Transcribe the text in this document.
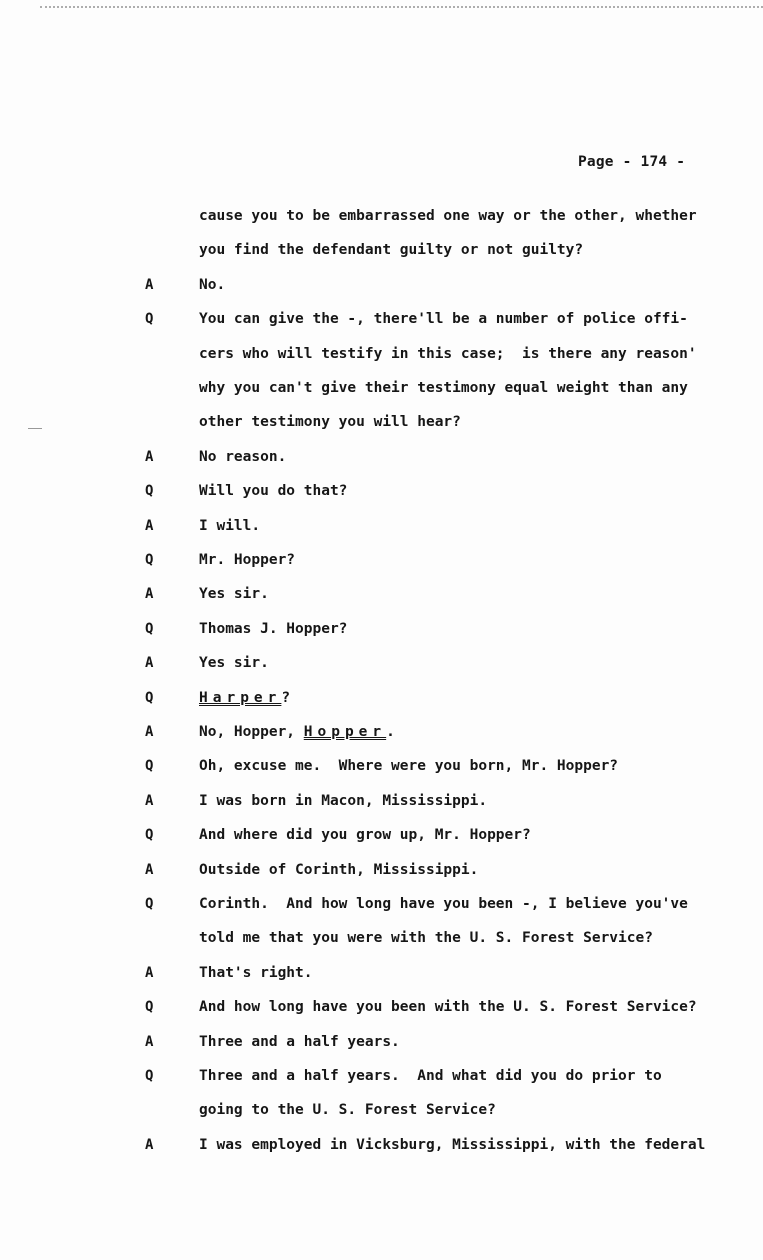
Page - 174 -
cause you to be embarrassed one way or the other, whether
you find the defendant guilty or not guilty?
A	No.
Q	You can give the -, there'll be a number of police offi-
cers who will testify in this case;  is there any reason'
why you can't give their testimony equal weight than any
other testimony you will hear?
A	No reason.
Q	Will you do that?
A	I will.
Q	Mr. Hopper?
A	Yes sir.
Q	Thomas J. Hopper?
A	Yes sir.
Q	Harper?
A	No, Hopper, Hopper.
Q	Oh, excuse me.  Where were you born, Mr. Hopper?
A	I was born in Macon, Mississippi.
Q	And where did you grow up, Mr. Hopper?
A	Outside of Corinth, Mississippi.
Q	Corinth.  And how long have you been -, I believe you've
told me that you were with the U. S. Forest Service?
A	That's right.
Q	And how long have you been with the U. S. Forest Service?
A	Three and a half years.
Q	Three and a half years.  And what did you do prior to
going to the U. S. Forest Service?
A	I was employed in Vicksburg, Mississippi, with the federal
